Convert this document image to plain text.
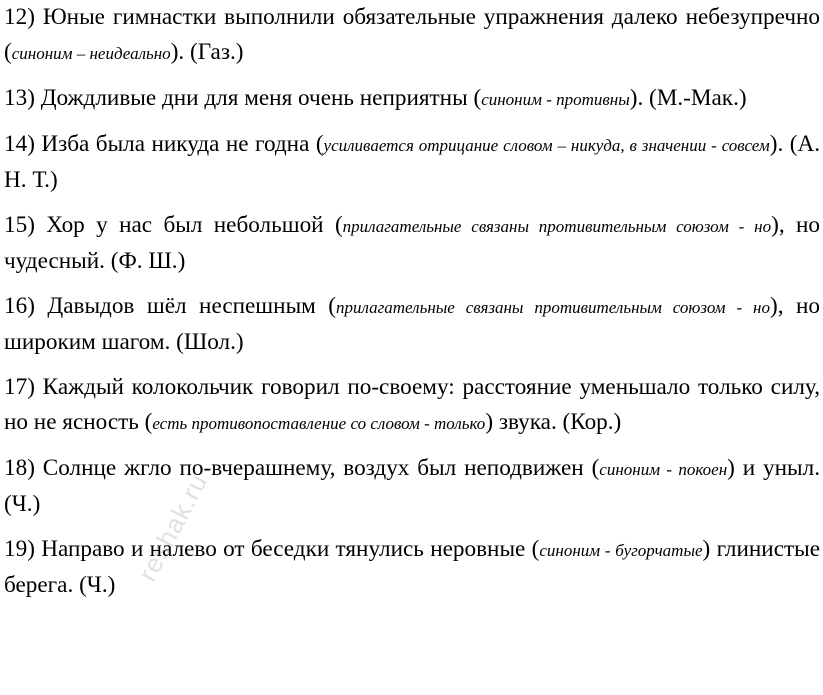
12) Юные гимнастки выполнили обязательные упражнения далеко небезупречно (синоним – неидеально). (Газ.)

13) Дождливые дни для меня очень неприятны (синоним - противны). (М.-Мак.)

14) Изба была никуда не годна (усиливается отрицание словом – никуда, в значении - совсем). (А. Н. Т.)

15) Хор у нас был небольшой (прилагательные связаны противительным союзом - но), но чудесный. (Ф. Ш.)

16) Давыдов шёл неспешным (прилагательные связаны противительным союзом - но), но широким шагом. (Шол.)

17) Каждый колокольчик говорил по-своему: расстояние уменьшало только силу, но не ясность (есть противопоставление со словом - только) звука. (Кор.)

18) Солнце жгло по-вчерашнему, воздух был неподвижен (синоним - покоен) и уныл. (Ч.)

19) Направо и налево от беседки тянулись неровные (синоним - бугорчатые) глинистые берега. (Ч.) reshak.ru
